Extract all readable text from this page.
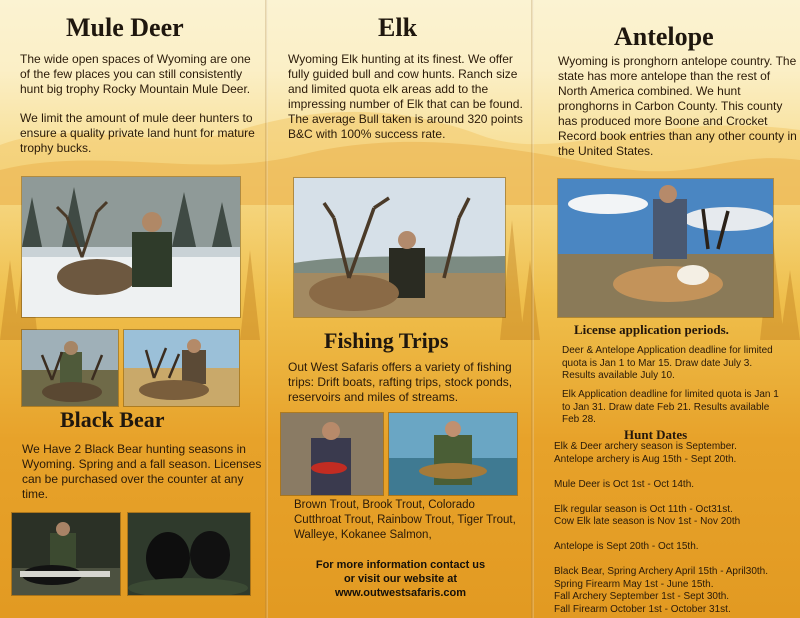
Mule Deer

The wide open spaces of Wyoming are one of the few places you can still consistently hunt big trophy Rocky Mountain Mule Deer.

We limit the amount of mule deer hunters to ensure a quality private land hunt for mature trophy bucks.

Black Bear

We Have 2 Black Bear hunting seasons in Wyoming. Spring and a fall season. Licenses can be purchased over the counter at any time.

Elk

Wyoming Elk hunting at its finest. We offer fully guided bull and cow hunts. Ranch size and limited quota elk areas add to the impressing number of Elk that can be found. The average Bull taken is around 320 points B&C with 100% success rate.

Fishing Trips

Out West Safaris offers a variety of fishing trips: Drift boats, rafting trips, stock ponds, reservoirs and miles of streams.

Brown Trout, Brook Trout, Colorado Cutthroat Trout, Rainbow Trout, Tiger Trout, Walleye, Kokanee Salmon,

For more information contact us

or visit our website at

www.outwestsafaris.com

Antelope

Wyoming is pronghorn antelope country. The state has more antelope than the rest of North America combined. We hunt pronghorns in Carbon County. This county has produced more Boone and Crocket Record book entries than any other county in the United States.

License application periods.

Deer & Antelope Application deadline for limited quota is Jan 1 to Mar 15. Draw date July 3. Results available July 10.

Elk Application deadline for limited quota is Jan 1 to Jan 31. Draw date Feb 21. Results available Feb 28.

Hunt Dates
Elk & Deer archery season is September.
Antelope archery is Aug 15th - Sept 20th.
Mule Deer is Oct 1st - Oct 14th.
Elk regular season is Oct 11th - Oct31st.
Cow Elk late season is Nov 1st - Nov 20th
Antelope is Sept 20th - Oct 15th.
Black Bear, Spring Archery April 15th - April30th.
Spring Firearm May 1st - June 15th.
Fall Archery September 1st - Sept 30th.
Fall Firearm October 1st - October 31st.
